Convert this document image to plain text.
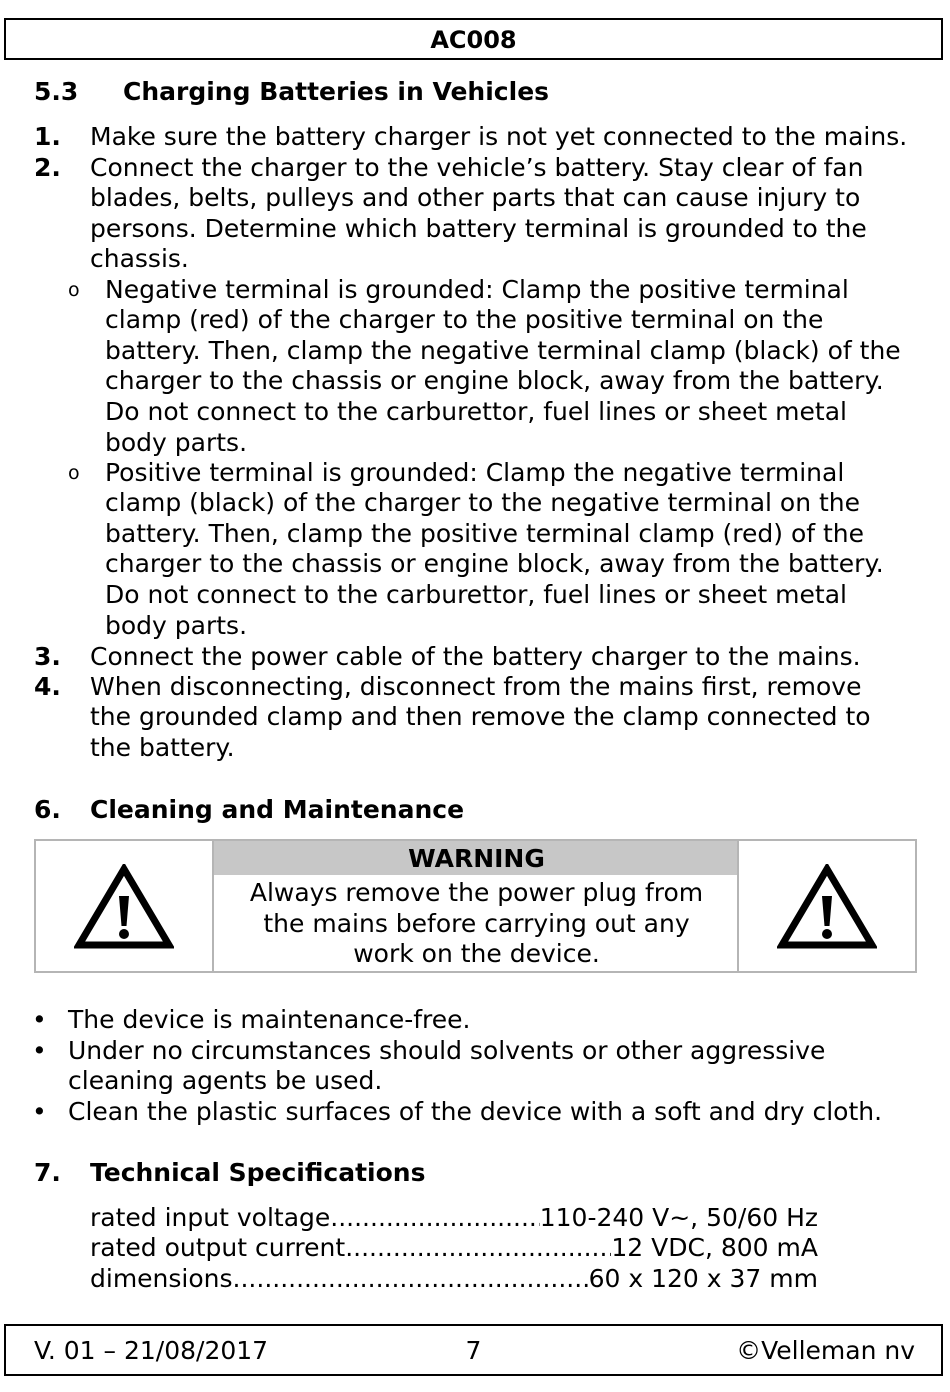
AC008
5.3 Charging Batteries in Vehicles
1. Make sure the battery charger is not yet connected to the mains.
2. Connect the charger to the vehicle’s battery. Stay clear of fan
blades, belts, pulleys and other parts that can cause injury to
persons. Determine which battery terminal is grounded to the
chassis.
o Negative terminal is grounded: Clamp the positive terminal
clamp (red) of the charger to the positive terminal on the
battery. Then, clamp the negative terminal clamp (black) of the
charger to the chassis or engine block, away from the battery.
Do not connect to the carburettor, fuel lines or sheet metal
body parts.
o Positive terminal is grounded: Clamp the negative terminal
clamp (black) of the charger to the negative terminal on the
battery. Then, clamp the positive terminal clamp (red) of the
charger to the chassis or engine block, away from the battery.
Do not connect to the carburettor, fuel lines or sheet metal
body parts.
3. Connect the power cable of the battery charger to the mains.
4. When disconnecting, disconnect from the mains first, remove
the grounded clamp and then remove the clamp connected to
the battery.
6. Cleaning and Maintenance
WARNING
Always remove the power plug from
the mains before carrying out any
work on the device.
• The device is maintenance-free.
• Under no circumstances should solvents or other aggressive
cleaning agents be used.
• Clean the plastic surfaces of the device with a soft and dry cloth.
7. Technical Specifications
rated input voltage .....	110-240 V~, 50/60 Hz
rated output current .....	12 VDC, 800 mA
dimensions .....	60 x 120 x 37 mm
V. 01 – 21/08/2017	7	©Velleman nv
